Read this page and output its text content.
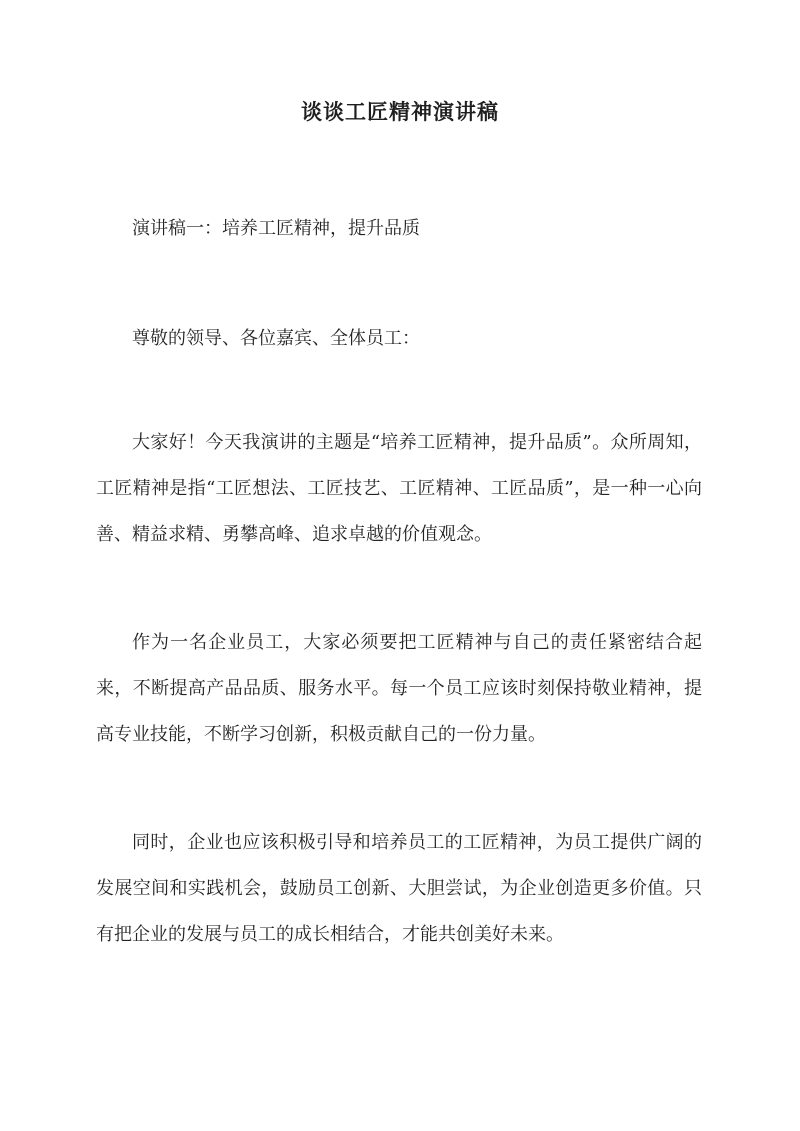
谈谈工匠精神演讲稿

演讲稿一：培养工匠精神，提升品质

尊敬的领导、各位嘉宾、全体员工：

大家好！今天我演讲的主题是“培养工匠精神，提升品质”。众所周知，工匠精神是指“工匠想法、工匠技艺、工匠精神、工匠品质”，是一种一心向善、精益求精、勇攀高峰、追求卓越的价值观念。

作为一名企业员工，大家必须要把工匠精神与自己的责任紧密结合起来，不断提高产品品质、服务水平。每一个员工应该时刻保持敬业精神，提高专业技能，不断学习创新，积极贡献自己的一份力量。

同时，企业也应该积极引导和培养员工的工匠精神，为员工提供广阔的发展空间和实践机会，鼓励员工创新、大胆尝试，为企业创造更多价值。只有把企业的发展与员工的成长相结合，才能共创美好未来。
